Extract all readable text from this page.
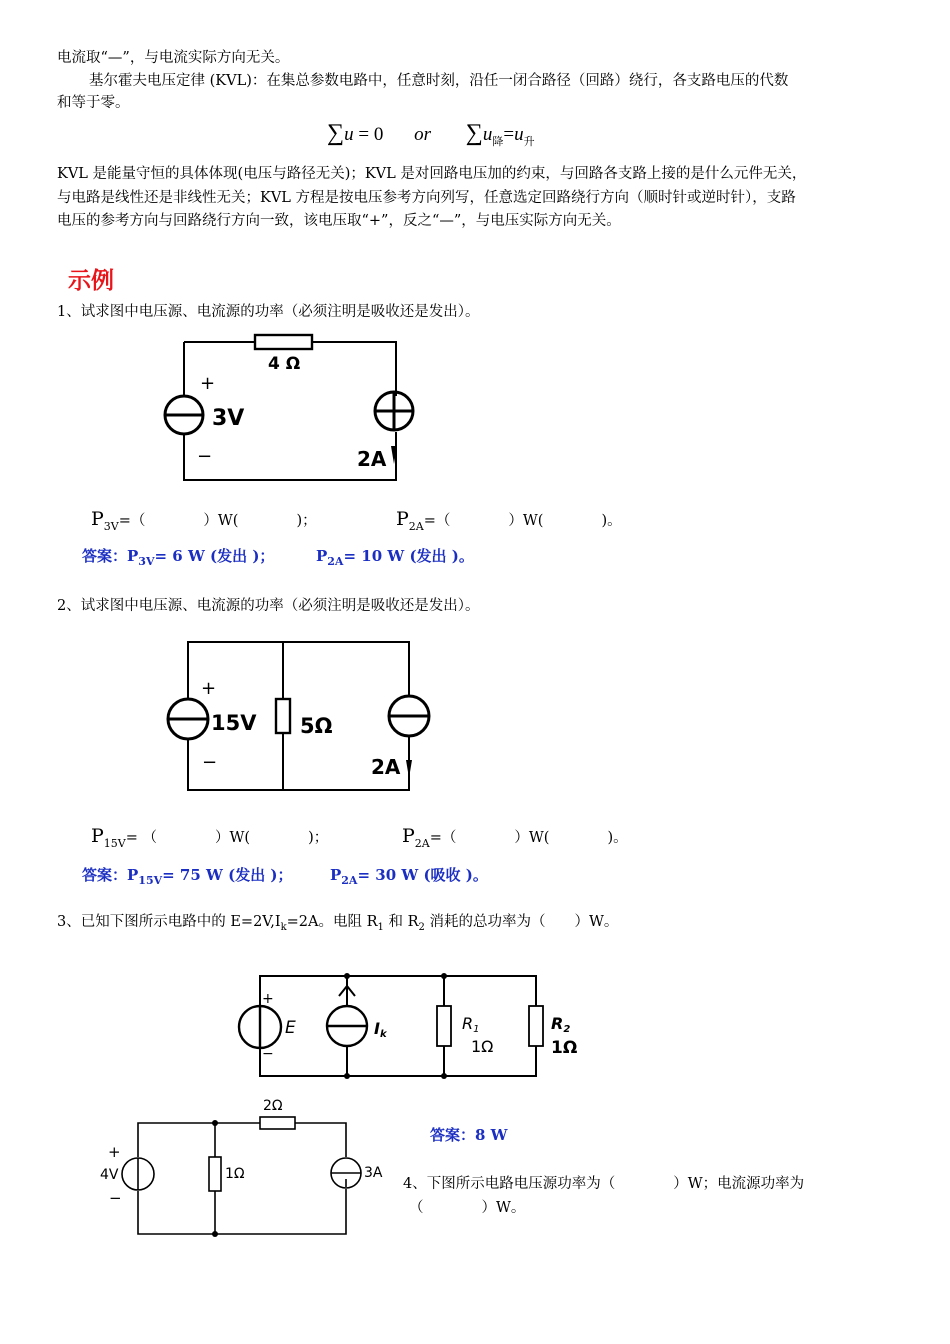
电流取“—”，与电流实际方向无关。
基尔霍夫电压定律 (KVL)：在集总参数电路中，任意时刻，沿任一闭合路径（回路）绕行，各支路电压的代数
和等于零。
∑u = 0 or $\sum u_降=u_升$
KVL 是能量守恒的具体体现(电压与路径无关)；KVL 是对回路电压加的约束，与回路各支路上接的是什么元件无关，
与电路是线性还是非线性无关；KVL 方程是按电压参考方向列写，任意选定回路绕行方向（顺时针或逆时针），支路
电压的参考方向与回路绕行方向一致，该电压取“+”，反之“—”，与电压实际方向无关。
示例
1、试求图中电压源、电流源的功率（必须注明是吸收还是发出）。
4 Ω
+
3V
−	2A
$P_{3V}=$（　　　　）W(　　　　)；	$P_{2A}=$（　　　　）W(　　　　)。
答案：$P_{3V}= 6$ W (发出 )；	$P_{2A}= 10$ W (发出 )。
2、试求图中电压源、电流源的功率（必须注明是吸收还是发出）。
+
15V
−
5Ω
2A
$P_{15V}=$ （　　　　）W(　　　　)；	$P_{2A}=$（　　　　）W(　　　　)。
答案：$P_{15V}= 75$ W (发出 )； $P_{2A}= 30$ W (吸收 )。
3、已知下图所示电路中的 $E=2V,I_k=2A$。电阻 $R_1$ 和 $R_2$ 消耗的总功率为（　　）W。
+
−
E	Ik
R1
1Ω
R2
1Ω
+
4V
−
2Ω
1Ω	3A
答案：8 W
4、下图所示电路电压源功率为（　　　　）W；电流源功率为
（　　　　）W。
